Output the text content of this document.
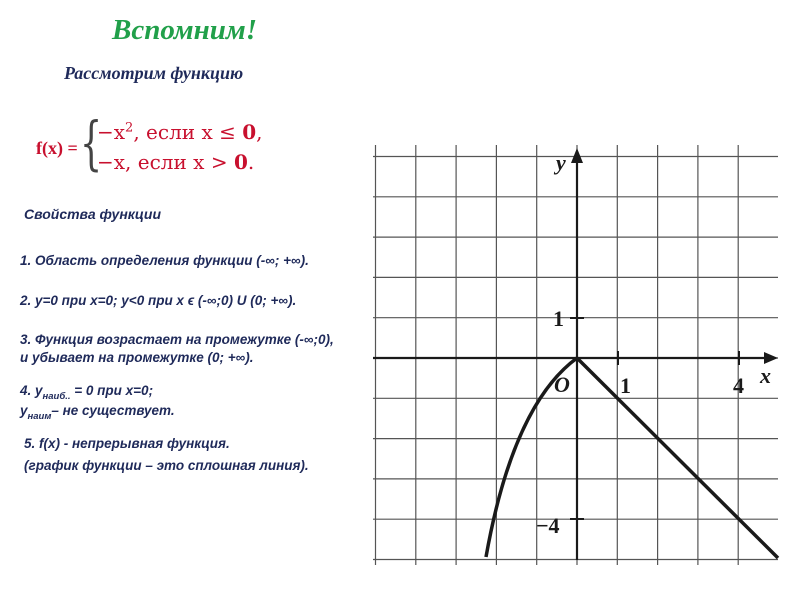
Вспомним!
Рассмотрим функцию
f(x) = {
$-x^2$, если x ≤ 0,
−x, если x > 0.
Свойства функции
1. Область определения функции (-∞; +∞).
2. у=0 при х=0; у<0 при х ϵ (-∞;0) U (0; +∞).
3. Функция возрастает на промежутке (-∞;0),
и убывает на промежутке (0; +∞).
4. $у_{наиб..} = 0$ при х=0;
$у_{наим}-$ не существует.
5. f(x) - непрерывная функция.
(график функции – это сплошная линия).
x
y
O 1	4
1
−4
